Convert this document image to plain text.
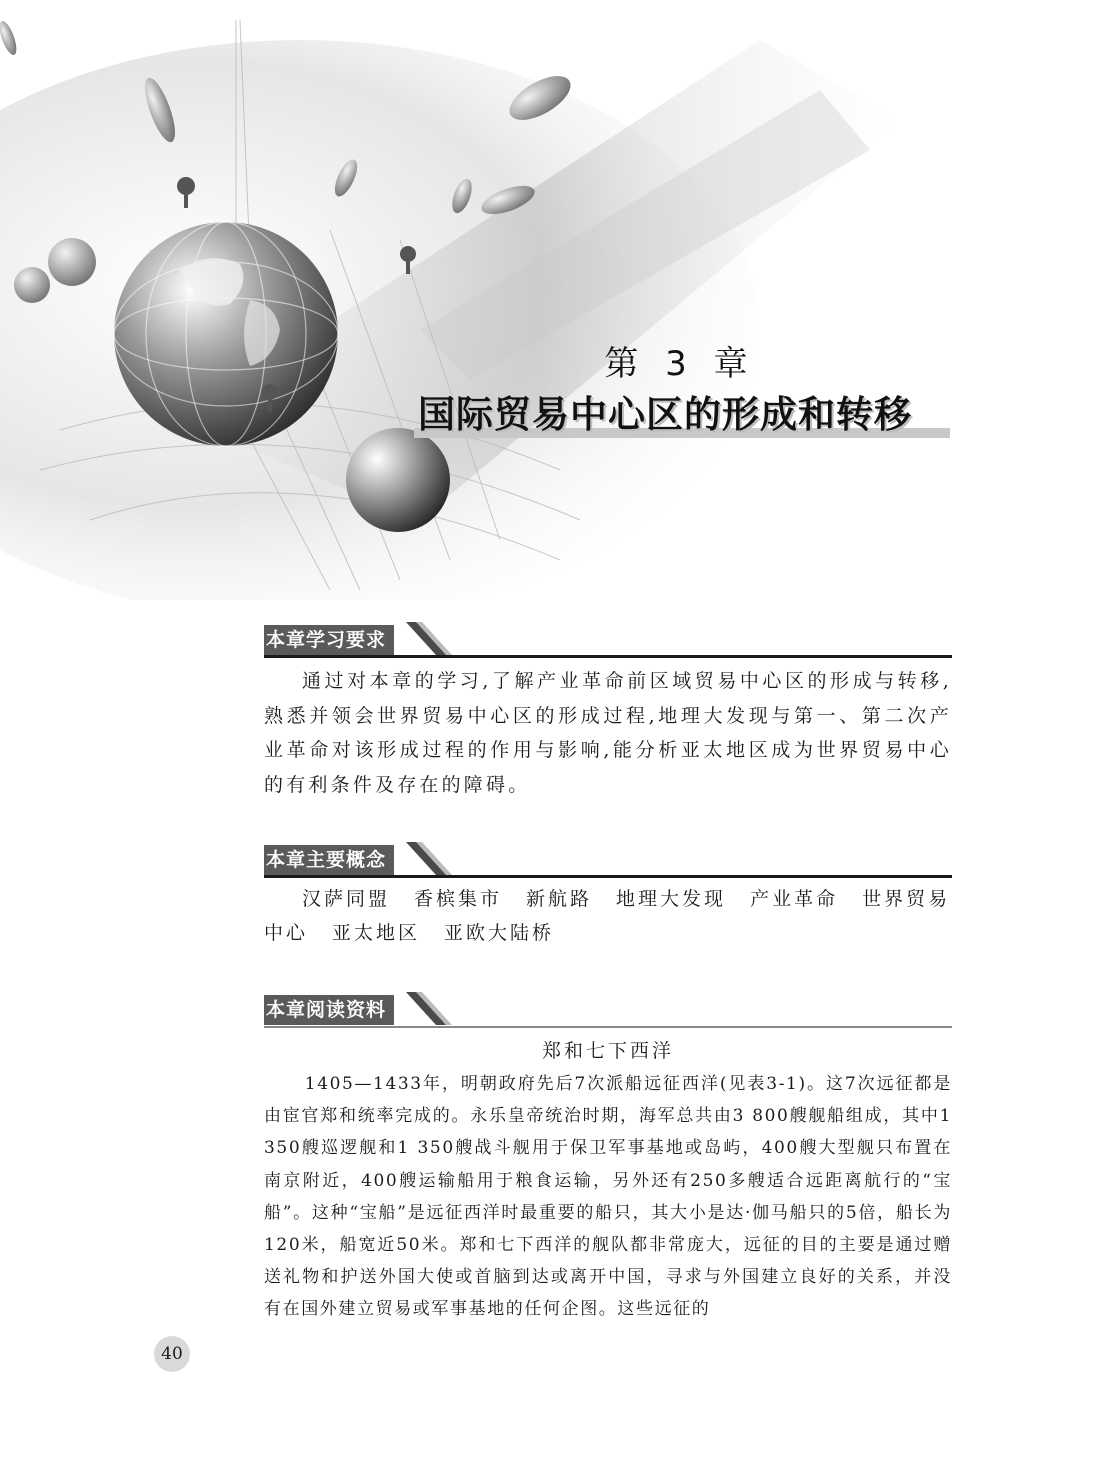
第 3 章
国际贸易中心区的形成和转移
本章学习要求

通过对本章的学习,了解产业革命前区域贸易中心区的形成与转移,熟悉并领会世界贸易中心区的形成过程,地理大发现与第一、第二次产业革命对该形成过程的作用与影响,能分析亚太地区成为世界贸易中心的有利条件及存在的障碍。

本章主要概念

汉萨同盟 香槟集市 新航路 地理大发现 产业革命 世界贸易中心 亚太地区 亚欧大陆桥

本章阅读资料
郑和七下西洋

1405—1433年，明朝政府先后7次派船远征西洋(见表3-1)。这7次远征都是由宦官郑和统率完成的。永乐皇帝统治时期，海军总共由3 800艘舰船组成，其中1 350艘巡逻舰和1 350艘战斗舰用于保卫军事基地或岛屿，400艘大型舰只布置在南京附近，400艘运输船用于粮食运输，另外还有250多艘适合远距离航行的“宝船”。这种“宝船”是远征西洋时最重要的船只，其大小是达·伽马船只的5倍，船长为120米，船宽近50米。郑和七下西洋的舰队都非常庞大，远征的目的主要是通过赠送礼物和护送外国大使或首脑到达或离开中国，寻求与外国建立良好的关系，并没有在国外建立贸易或军事基地的任何企图。这些远征的

40
